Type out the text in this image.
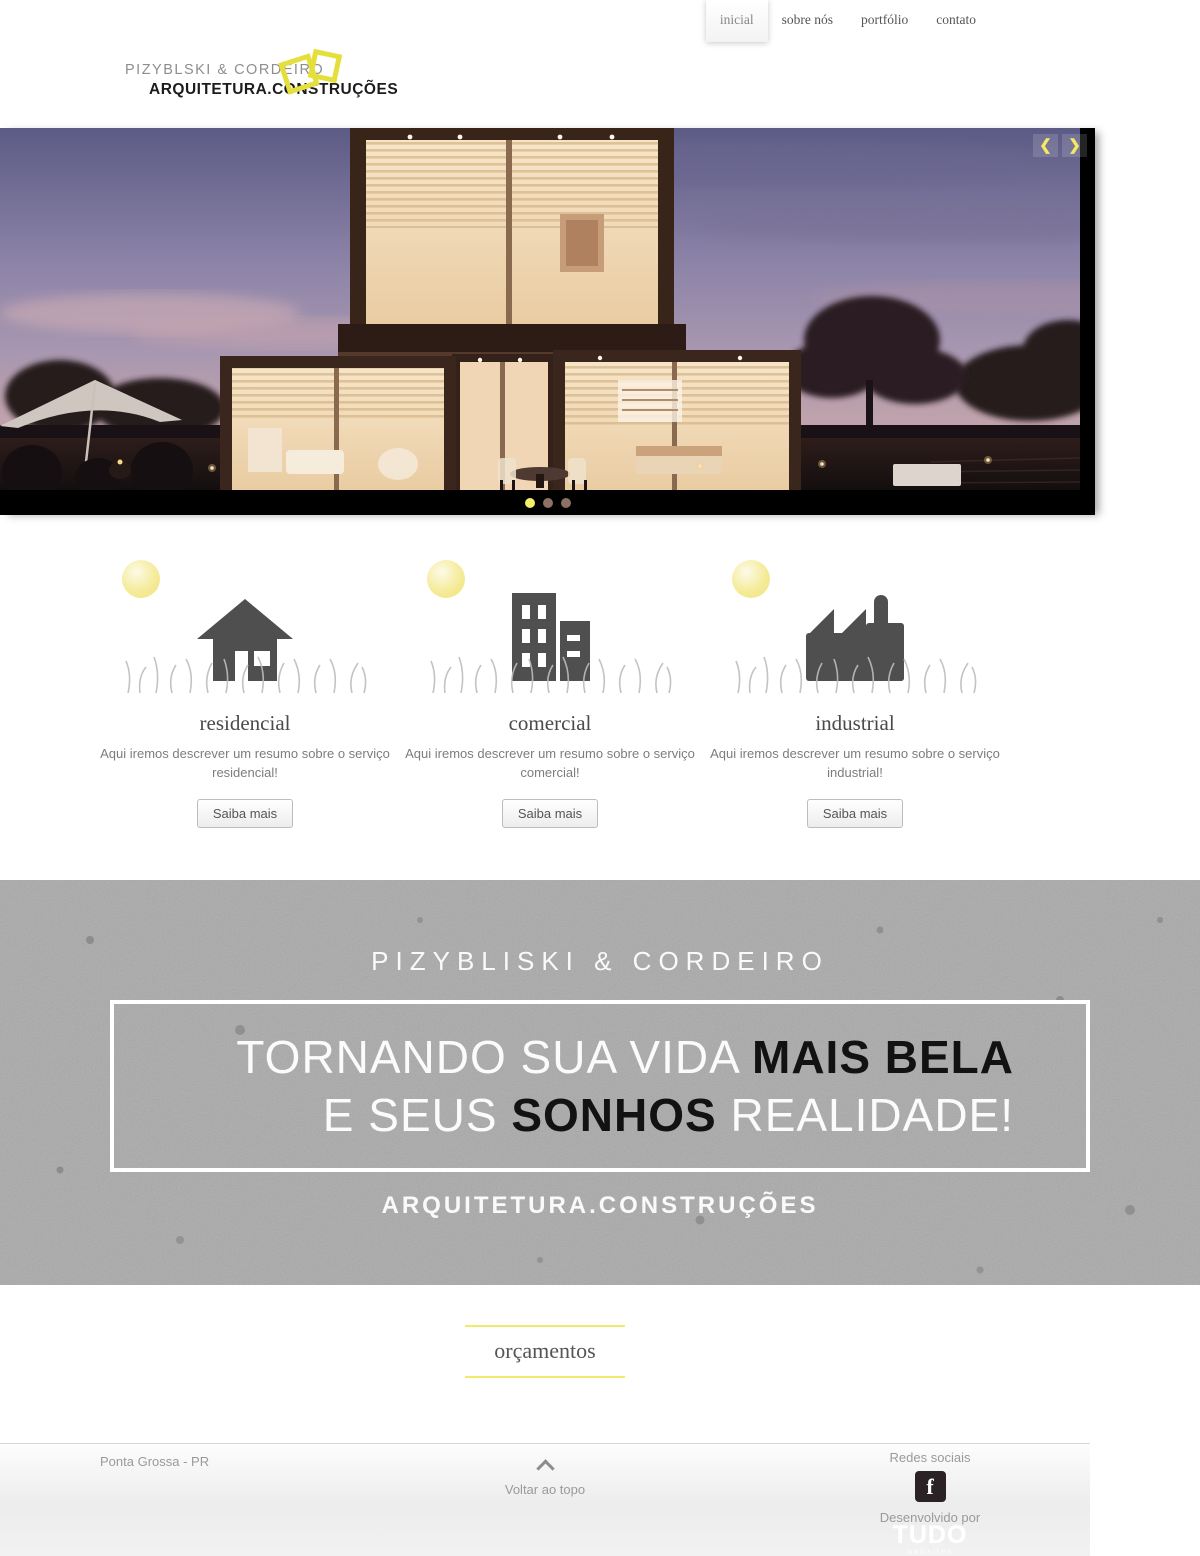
inicial	sobre nós	portfólio	contato
PIZYBLSKI & CORDEIRO
ARQUITETURA.CONSTRUÇÕES
❮	❯
residencial
Aqui iremos descrever um resumo sobre o serviço residencial!
Saiba mais
comercial
Aqui iremos descrever um resumo sobre o serviço comercial!
Saiba mais
industrial
Aqui iremos descrever um resumo sobre o serviço industrial!
Saiba mais
PIZYBLISKI & CORDEIRO
TORNANDO SUA VIDA MAIS BELA
E SEUS SONHOS REALIDADE!
ARQUITETURA.CONSTRUÇÕES
orçamentos
Ponta Grossa - PR
Voltar ao topo
Redes sociais
f
Desenvolvido por
TUDO
websites
